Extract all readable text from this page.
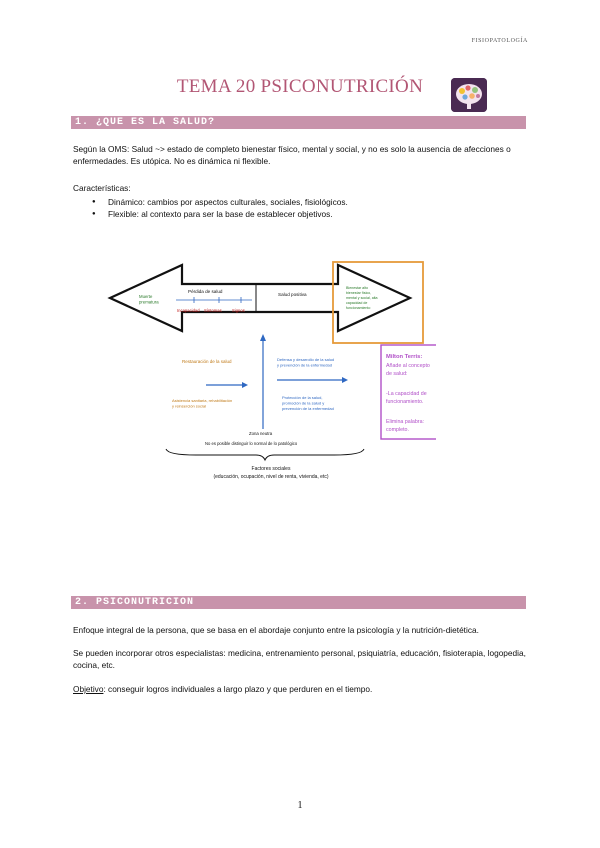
FISIOPATOLOGÍA
TEMA 20 PSICONUTRICIÓN
1. ¿QUE ES LA SALUD?
Según la OMS: Salud ~> estado de completo bienestar físico, mental y social, y no es solo la ausencia de afecciones o enfermedades. Es utópica. No es dinámica ni flexible.
Características:
● Dinámico: cambios por aspectos culturales, sociales, fisiológicos.
● Flexible: al contexto para ser la base de establecer objetivos.
Muerte prematura
Pérdida de salud
Incapacidad Síntomas Signos
Salud positiva
Bienestar alto bienestar físico, mental y social, alta capacidad de funcionamiento
Restauración de la salud
Asistencia sanitaria, rehabilitación y reinserción social
Defensa y desarrollo de la salud y prevención de la enfermedad
Protección de la salud, promoción de la salud y prevención de la enfermedad
Milton Terris:
Añade al concepto
de salud:
-La capacidad de
funcionamiento.
Elimina palabra:
completo.
Zona neutra
No es posible distinguir lo normal de lo patológico
Factores sociales
(educación, ocupación, nivel de renta, vivienda, etc)
2. PSICONUTRICION
Enfoque integral de la persona, que se basa en el abordaje conjunto entre la psicología y la nutrición-dietética.
Se pueden incorporar otros especialistas: medicina, entrenamiento personal, psiquiatría, educación, fisioterapia, logopedia, cocina, etc.
Objetivo: conseguir logros individuales a largo plazo y que perduren en el tiempo.
1
